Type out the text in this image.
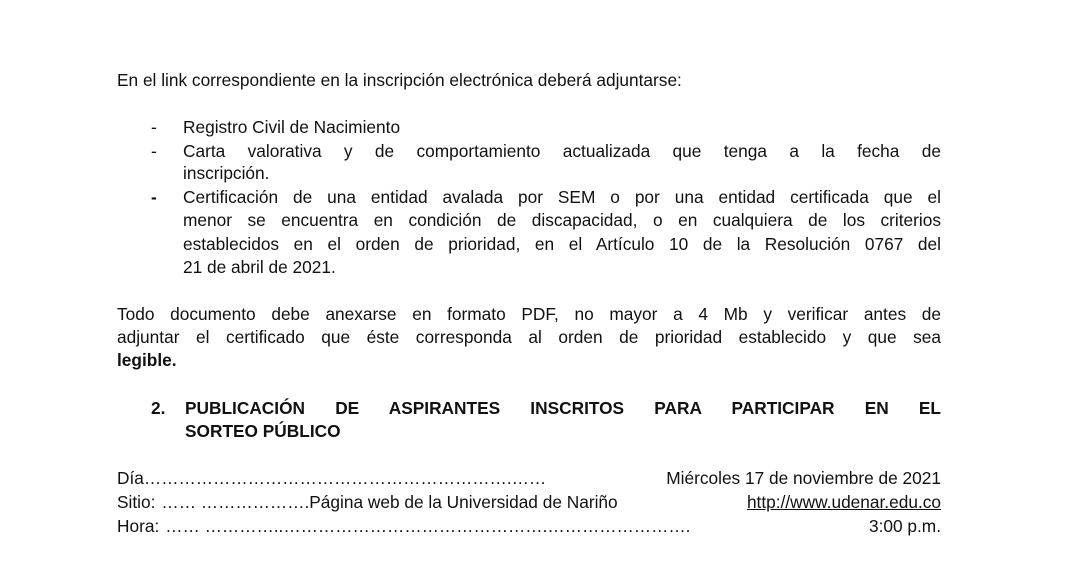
En el link correspondiente en la inscripción electrónica deberá adjuntarse:
-	Registro Civil de Nacimiento
-	Carta valorativa y de comportamiento actualizada que tenga a la fecha de
inscripción.
-	Certificación de una entidad avalada por SEM o por una entidad certificada que el
menor se encuentra en condición de discapacidad, o en cualquiera de los criterios
establecidos en el orden de prioridad, en el Artículo 10 de la Resolución 0767 del
21 de abril de 2021.
Todo documento debe anexarse en formato PDF, no mayor a 4 Mb y verificar antes de
adjuntar el certificado que éste corresponda al orden de prioridad establecido y que sea
legible.
2. PUBLICACIÓN DE ASPIRANTES INSCRITOS PARA PARTICIPAR EN EL
SORTEO PÚBLICO
Día ……………………………………………………….……	Miércoles 17 de noviembre de 2021
Sitio: …… ………………. Página web de la Universidad de Nariño	http://www.udenar.edu.co
Hora: …… …………..……………………………………….…………………….	3:00 p.m.
